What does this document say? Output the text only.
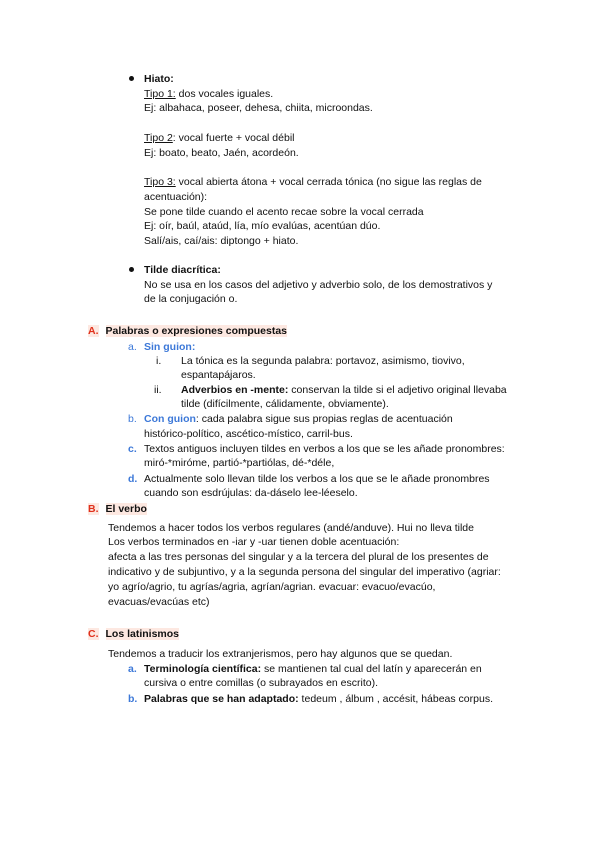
Hiato:
Tipo 1: dos vocales iguales.
Ej: albahaca, poseer, dehesa, chiita, microondas.
Tipo 2: vocal fuerte + vocal débil
Ej: boato, beato, Jaén, acordeón.
Tipo 3: vocal abierta átona + vocal cerrada tónica (no sigue las reglas de
acentuación):
Se pone tilde cuando el acento recae sobre la vocal cerrada
Ej: oír, baúl, ataúd, lía, mío evalúas, acentúan dúo.
Salí/ais, caí/ais: diptongo + hiato.
Tilde diacrítica:
No se usa en los casos del adjetivo y adverbio solo, de los demostrativos y
de la conjugación o.
A. Palabras o expresiones compuestas
a. Sin guion:
i. La tónica es la segunda palabra: portavoz, asimismo, tiovivo,
espantapájaros.
ii. Adverbios en -mente: conservan la tilde si el adjetivo original llevaba
tilde (difícilmente, cálidamente, obviamente).
b. Con guion: cada palabra sigue sus propias reglas de acentuación
histórico-político, ascético-místico, carril-bus.
c. Textos antiguos incluyen tildes en verbos a los que se les añade pronombres:
miró-*miróme, partió-*partiólas, dé-*déle,
d. Actualmente solo llevan tilde los verbos a los que se le añade pronombres
cuando son esdrújulas: da-dáselo lee-léeselo.
B. El verbo
Tendemos a hacer todos los verbos regulares (andé/anduve). Hui no lleva tilde
Los verbos terminados en -iar y -uar tienen doble acentuación:
afecta a las tres personas del singular y a la tercera del plural de los presentes de
indicativo y de subjuntivo, y a la segunda persona del singular del imperativo (agriar:
yo agrío/agrio, tu agrías/agria, agrían/agrian. evacuar: evacuo/evacúo,
evacuas/evacúas etc)
C. Los latinismos
Tendemos a traducir los extranjerismos, pero hay algunos que se quedan.
a. Terminología científica: se mantienen tal cual del latín y aparecerán en
cursiva o entre comillas (o subrayados en escrito).
b. Palabras que se han adaptado: tedeum , álbum , accésit, hábeas corpus.
